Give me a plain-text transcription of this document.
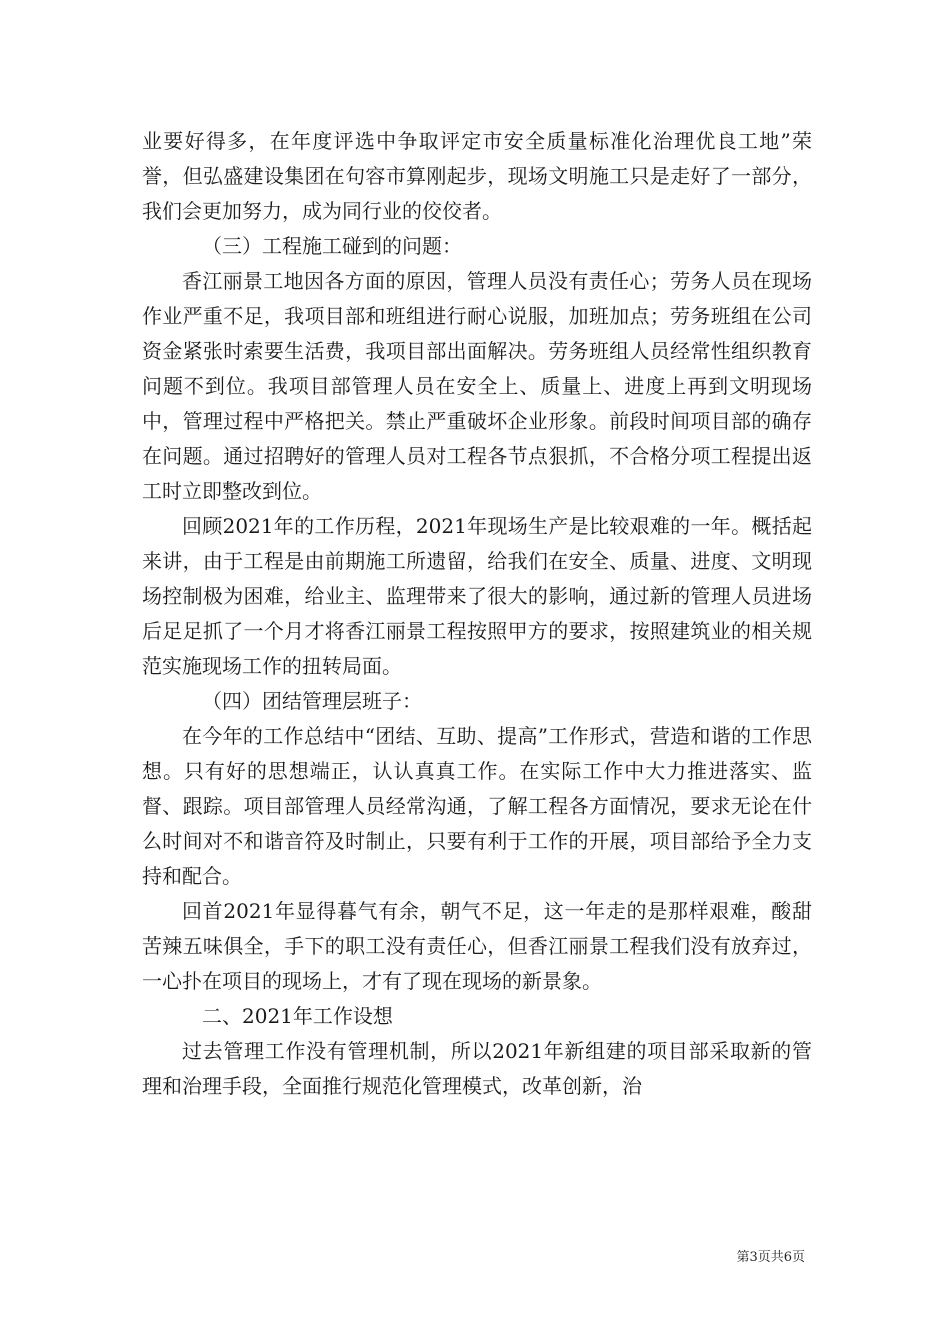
业要好得多，在年度评选中争取评定市安全质量标准化治理优良工地”荣誉，但弘盛建设集团在句容市算刚起步，现场文明施工只是走好了一部分，我们会更加努力，成为同行业的佼佼者。

（三）工程施工碰到的问题：

香江丽景工地因各方面的原因，管理人员没有责任心；劳务人员在现场作业严重不足，我项目部和班组进行耐心说服，加班加点；劳务班组在公司资金紧张时索要生活费，我项目部出面解决。劳务班组人员经常性组织教育问题不到位。我项目部管理人员在安全上、质量上、进度上再到文明现场中，管理过程中严格把关。禁止严重破坏企业形象。前段时间项目部的确存在问题。通过招聘好的管理人员对工程各节点狠抓，不合格分项工程提出返工时立即整改到位。

回顾2021年的工作历程，2021年现场生产是比较艰难的一年。概括起来讲，由于工程是由前期施工所遗留，给我们在安全、质量、进度、文明现场控制极为困难，给业主、监理带来了很大的影响，通过新的管理人员进场后足足抓了一个月才将香江丽景工程按照甲方的要求，按照建筑业的相关规范实施现场工作的扭转局面。

（四）团结管理层班子：

在今年的工作总结中“团结、互助、提高”工作形式，营造和谐的工作思想。只有好的思想端正，认认真真工作。在实际工作中大力推进落实、监督、跟踪。项目部管理人员经常沟通，了解工程各方面情况，要求无论在什么时间对不和谐音符及时制止，只要有利于工作的开展，项目部给予全力支持和配合。

回首2021年显得暮气有余，朝气不足，这一年走的是那样艰难，酸甜苦辣五味俱全，手下的职工没有责任心，但香江丽景工程我们没有放弃过，一心扑在项目的现场上，才有了现在现场的新景象。

二、2021年工作设想

过去管理工作没有管理机制，所以2021年新组建的项目部采取新的管理和治理手段，全面推行规范化管理模式，改革创新，治

第3页共6页
